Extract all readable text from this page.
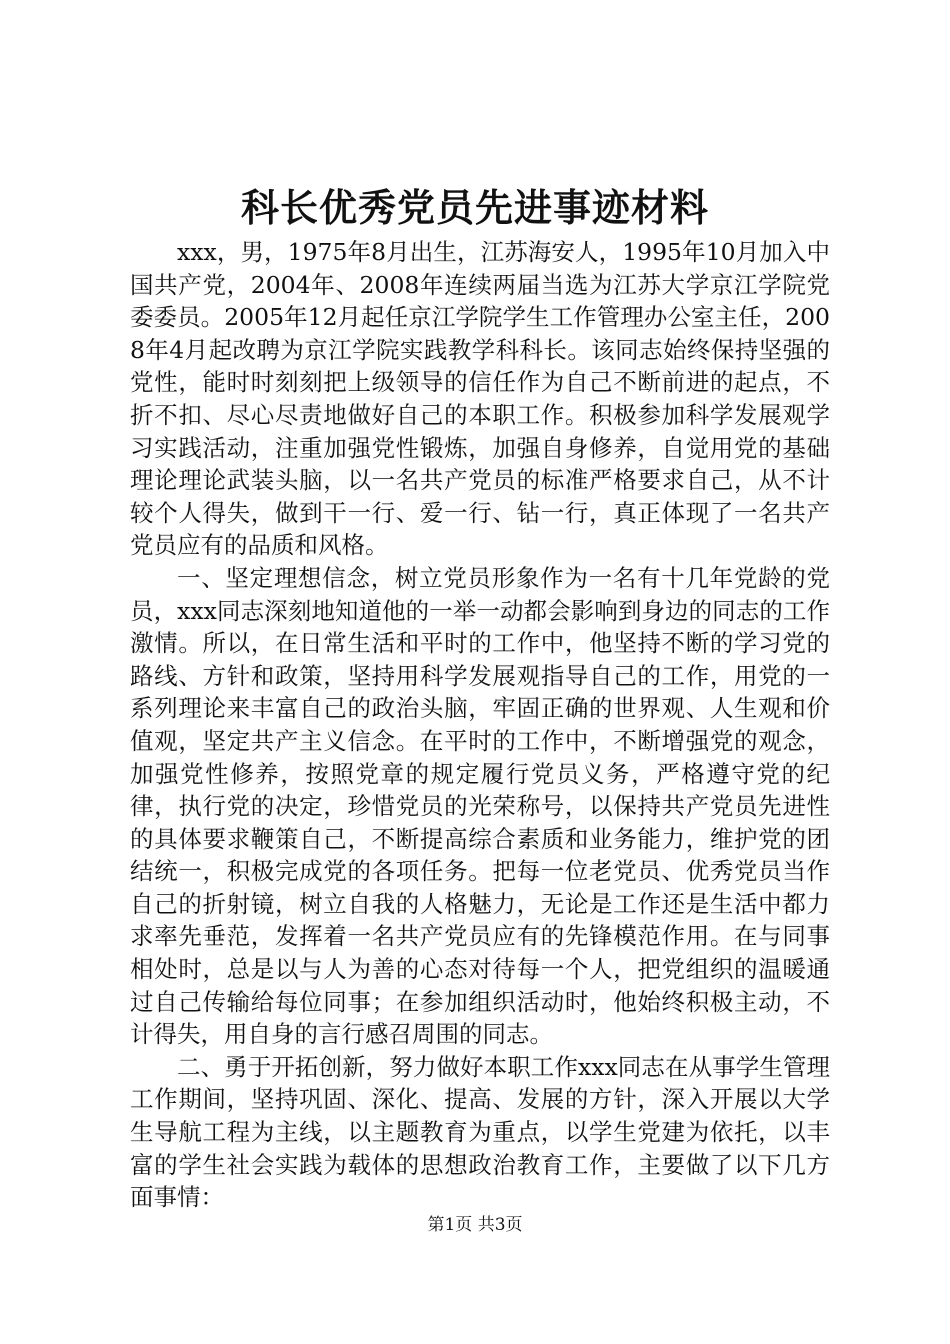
科长优秀党员先进事迹材料

xxx，男，1975年8月出生，江苏海安人，1995年10月加入中国共产党，2004年、2008年连续两届当选为江苏大学京江学院党委委员。2005年12月起任京江学院学生工作管理办公室主任，2008年4月起改聘为京江学院实践教学科科长。该同志始终保持坚强的党性，能时时刻刻把上级领导的信任作为自己不断前进的起点，不折不扣、尽心尽责地做好自己的本职工作。积极参加科学发展观学习实践活动，注重加强党性锻炼，加强自身修养，自觉用党的基础理论理论武装头脑，以一名共产党员的标准严格要求自己，从不计较个人得失，做到干一行、爱一行、钻一行，真正体现了一名共产党员应有的品质和风格。

一、坚定理想信念，树立党员形象作为一名有十几年党龄的党员，xxx同志深刻地知道他的一举一动都会影响到身边的同志的工作激情。所以，在日常生活和平时的工作中，他坚持不断的学习党的路线、方针和政策，坚持用科学发展观指导自己的工作，用党的一系列理论来丰富自己的政治头脑，牢固正确的世界观、人生观和价值观，坚定共产主义信念。在平时的工作中，不断增强党的观念，加强党性修养，按照党章的规定履行党员义务，严格遵守党的纪律，执行党的决定，珍惜党员的光荣称号，以保持共产党员先进性的具体要求鞭策自己，不断提高综合素质和业务能力，维护党的团结统一，积极完成党的各项任务。把每一位老党员、优秀党员当作自己的折射镜，树立自我的人格魅力，无论是工作还是生活中都力求率先垂范，发挥着一名共产党员应有的先锋模范作用。在与同事相处时，总是以与人为善的心态对待每一个人，把党组织的温暖通过自己传输给每位同事；在参加组织活动时，他始终积极主动，不计得失，用自身的言行感召周围的同志。

二、勇于开拓创新，努力做好本职工作xxx同志在从事学生管理工作期间，坚持巩固、深化、提高、发展的方针，深入开展以大学生导航工程为主线，以主题教育为重点，以学生党建为依托，以丰富的学生社会实践为载体的思想政治教育工作，主要做了以下几方面事情：

第1页 共3页
